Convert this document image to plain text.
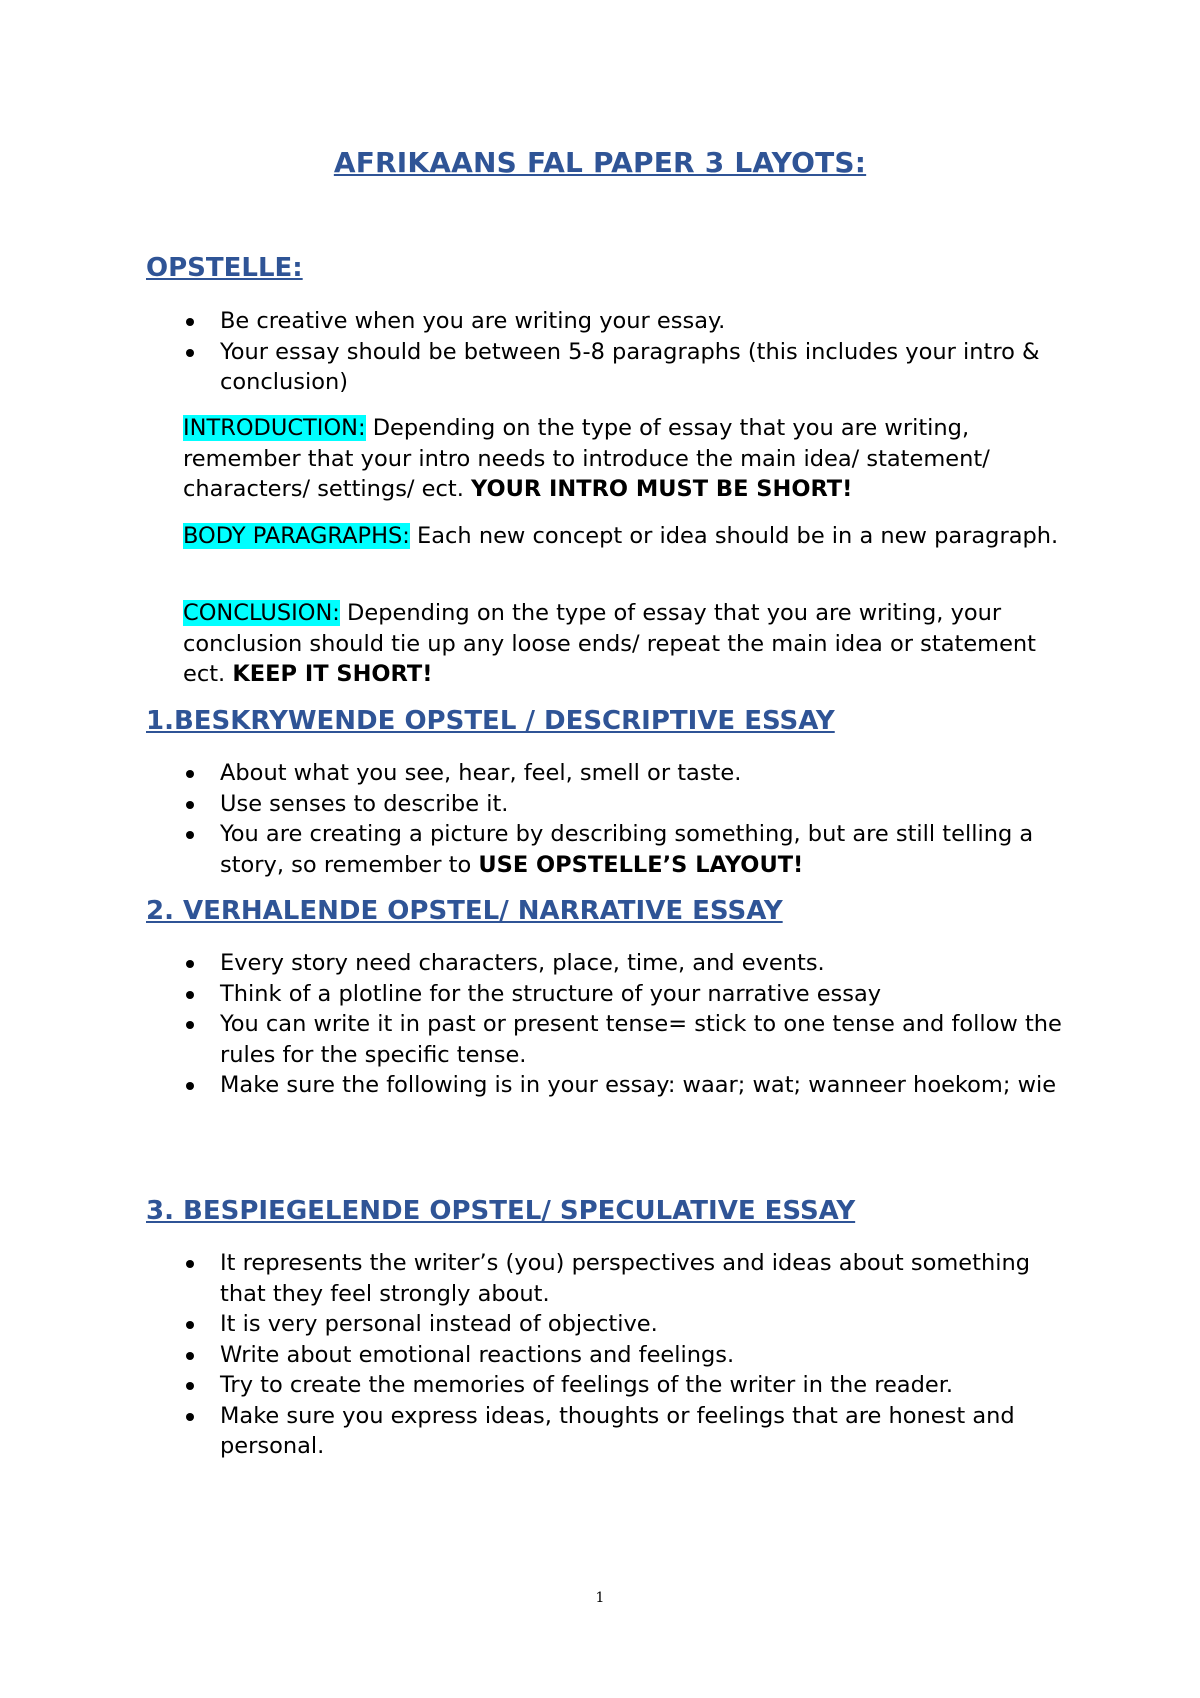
AFRIKAANS FAL PAPER 3 LAYOTS:
OPSTELLE:
Be creative when you are writing your essay.
Your essay should be between 5-8 paragraphs (this includes your intro & conclusion)

INTRODUCTION: Depending on the type of essay that you are writing, remember that your intro needs to introduce the main idea/ statement/ characters/ settings/ ect. YOUR INTRO MUST BE SHORT!

BODY PARAGRAPHS: Each new concept or idea should be in a new paragraph.

CONCLUSION: Depending on the type of essay that you are writing, your conclusion should tie up any loose ends/ repeat the main idea or statement ect. KEEP IT SHORT!

1.BESKRYWENDE OPSTEL / DESCRIPTIVE ESSAY
About what you see, hear, feel, smell or taste.
Use senses to describe it.
You are creating a picture by describing something, but are still telling a story, so remember to USE OPSTELLE’S LAYOUT!
2. VERHALENDE OPSTEL/ NARRATIVE ESSAY
Every story need characters, place, time, and events.
Think of a plotline for the structure of your narrative essay
You can write it in past or present tense= stick to one tense and follow the rules for the specific tense.
Make sure the following is in your essay: waar; wat; wanneer hoekom; wie
3. BESPIEGELENDE OPSTEL/ SPECULATIVE ESSAY
It represents the writer’s (you) perspectives and ideas about something that they feel strongly about.
It is very personal instead of objective.
Write about emotional reactions and feelings.
Try to create the memories of feelings of the writer in the reader.
Make sure you express ideas, thoughts or feelings that are honest and personal.
1
